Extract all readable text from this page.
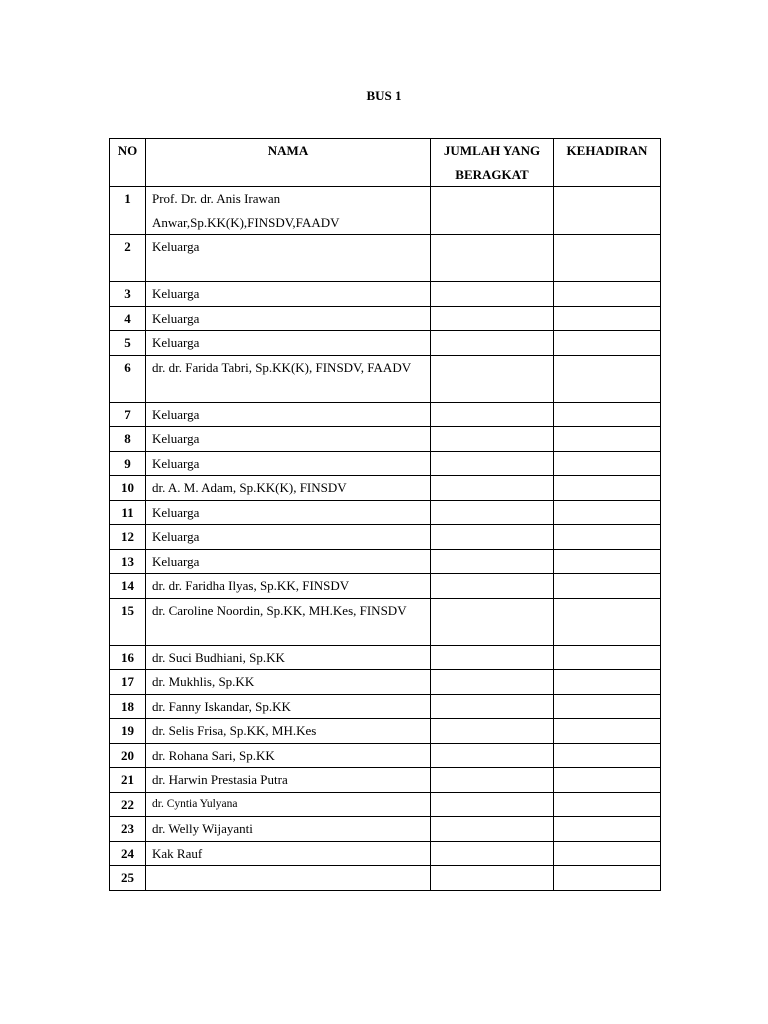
BUS 1
NO	NAMA	JUMLAH YANG BERAGKAT	KEHADIRAN
1	Prof. Dr. dr. Anis Irawan Anwar,Sp.KK(K),FINSDV,FAADV		
2	Keluarga		
3	Keluarga		
4	Keluarga		
5	Keluarga		
6	dr. dr. Farida Tabri, Sp.KK(K), FINSDV, FAADV		
7	Keluarga		
8	Keluarga		
9	Keluarga		
10	dr. A. M. Adam, Sp.KK(K), FINSDV		
11	Keluarga		
12	Keluarga		
13	Keluarga		
14	dr. dr. Faridha Ilyas, Sp.KK, FINSDV		
15	dr. Caroline Noordin, Sp.KK, MH.Kes, FINSDV		
16	dr. Suci Budhiani, Sp.KK		
17	dr. Mukhlis, Sp.KK		
18	dr. Fanny Iskandar, Sp.KK		
19	dr. Selis Frisa, Sp.KK, MH.Kes		
20	dr. Rohana Sari, Sp.KK		
21	dr. Harwin Prestasia Putra		
22	dr. Cyntia Yulyana		
23	dr. Welly Wijayanti		
24	Kak Rauf		
25			
